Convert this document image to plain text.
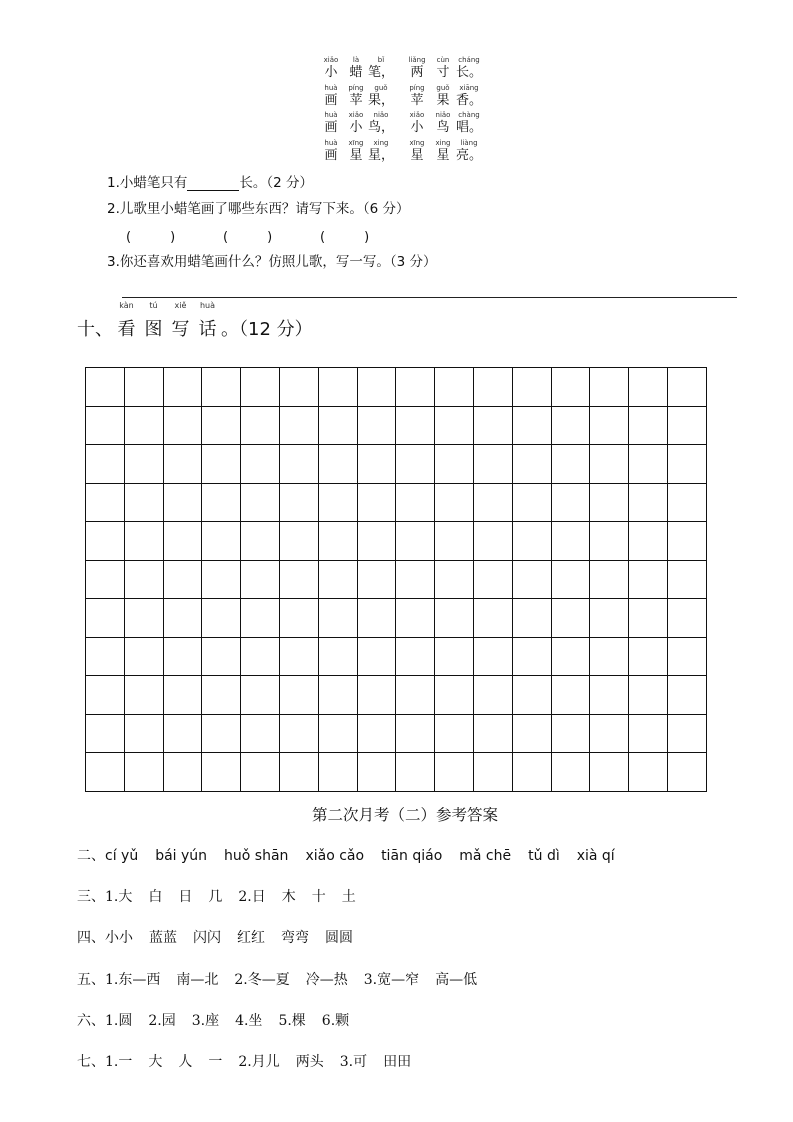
xiǎo
小
là
蜡
bǐ
笔，
liǎng
两
cùn
寸
cháng
长。
huà
画
píng
苹
guǒ
果，
píng
苹
guǒ
果
xiāng
香。
huà
画
xiǎo
小
niǎo
鸟，
xiǎo
小
niǎo
鸟
chàng
唱。
huà
画
xīng
星
xing
星，
xīng
星
xing
星
liàng
亮。
1.小蜡笔只有	长。（2 分）
2.儿歌里小蜡笔画了哪些东西？请写下来。（6 分）
(　　　)	(　　　)	(　　　)
3.你还喜欢用蜡笔画什么？仿照儿歌，写一写。（3 分）
十、
kàn
看
tú
图
xiě
写
huà
话 。（12 分）

第二次月考（二）参考答案
二、cí yǔ bái yún huǒ shān xiǎo cǎo tiān qiáo mǎ chē tǔ dì xià qí
三、1.大 白 日 几 2.日 木 十 土
四、小小 蓝蓝 闪闪 红红 弯弯 圆圆
五、1.东—西 南—北 2.冬—夏 冷—热 3.宽—窄 高—低
六、1.圆 2.园 3.座 4.坐 5.棵 6.颗
七、1.一 大 人 一 2.月儿 两头 3.可 田田
